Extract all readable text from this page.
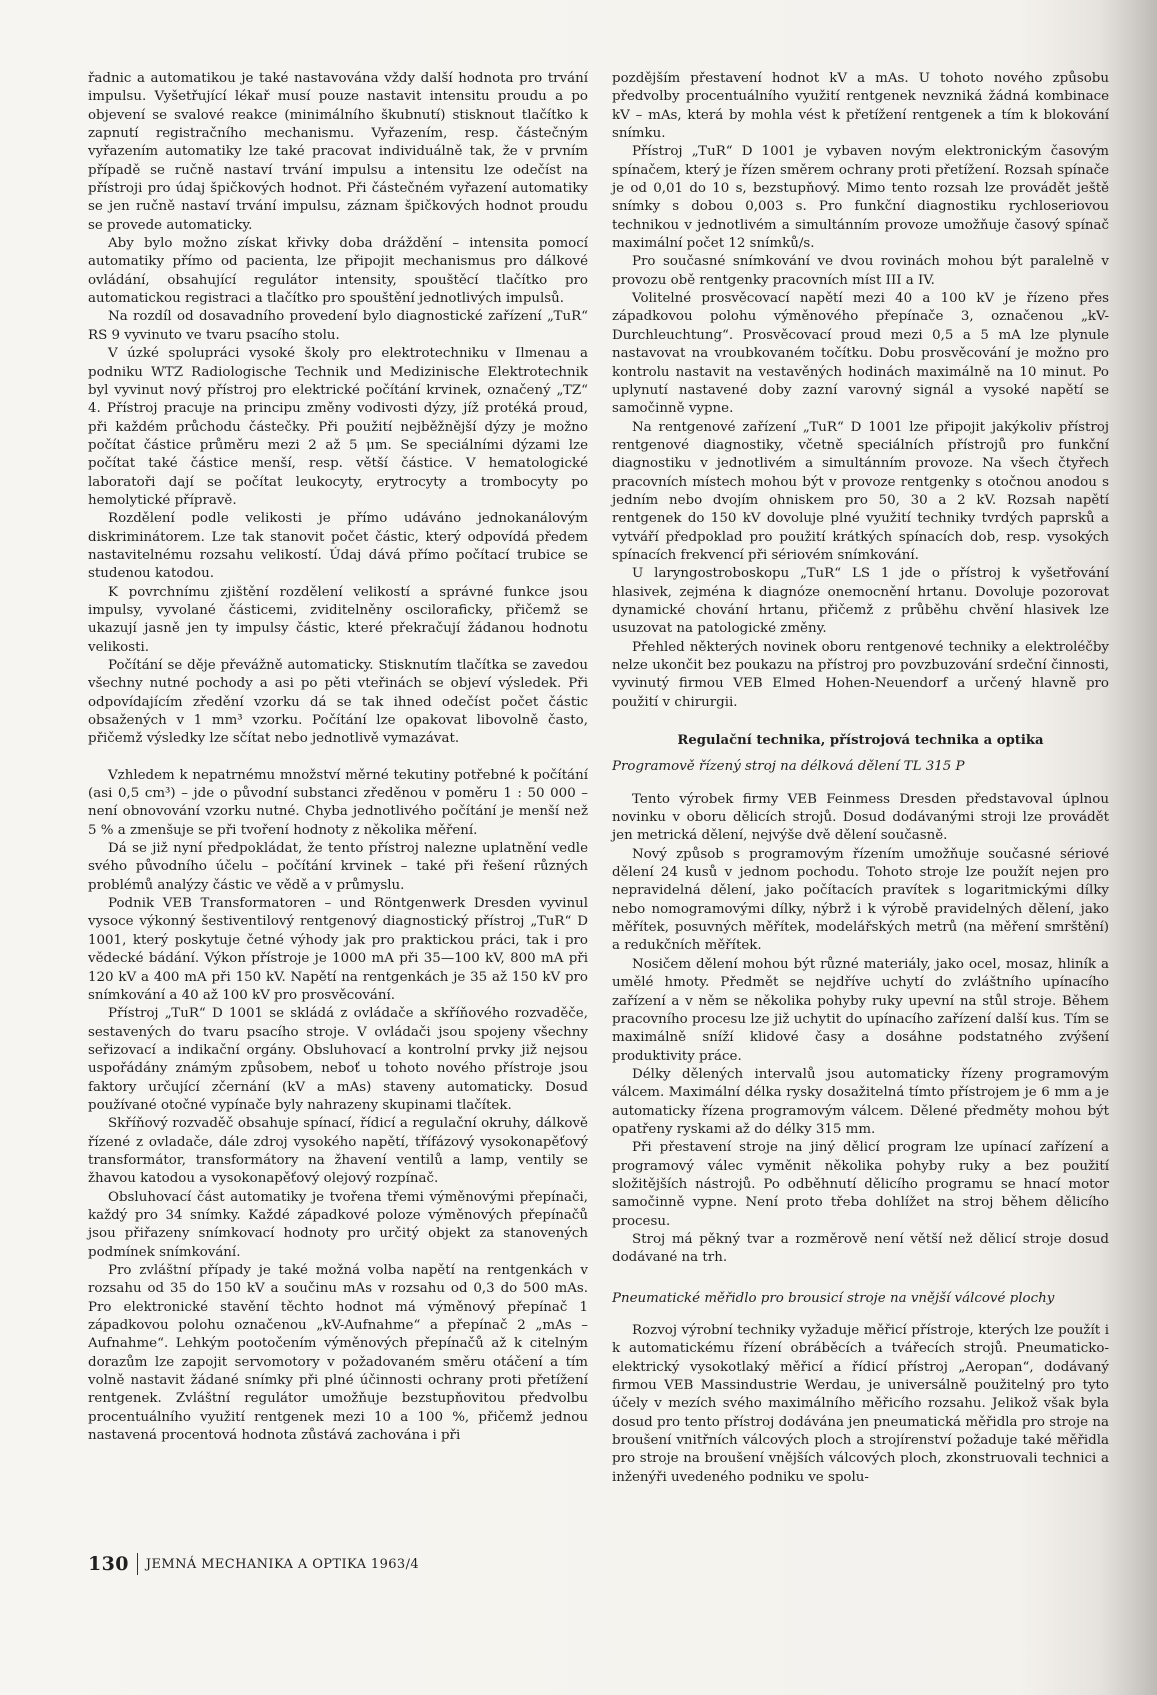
řadnic a automatikou je také nastavována vždy další hodnota pro trvání impulsu. Vyšetřující lékař musí pouze nastavit intensitu proudu a po objevení se svalové reakce (minimálního škubnutí) stisknout tlačítko k zapnutí registračního mechanismu. Vyřazením, resp. částečným vyřazením automatiky lze také pracovat individuálně tak, že v prvním případě se ručně nastaví trvání impulsu a intensitu lze odečíst na přístroji pro údaj špičkových hodnot. Při částečném vyřazení automatiky se jen ručně nastaví trvání impulsu, záznam špičkových hodnot proudu se provede automaticky.

Aby bylo možno získat křivky doba dráždění – intensita pomocí automatiky přímo od pacienta, lze připojit mechanismus pro dálkové ovládání, obsahující regulátor intensity, spouštěcí tlačítko pro automatickou registraci a tlačítko pro spouštění jednotlivých impulsů.

Na rozdíl od dosavadního provedení bylo diagnostické zařízení „TuR“ RS 9 vyvinuto ve tvaru psacího stolu.

V úzké spolupráci vysoké školy pro elektrotechniku v Ilmenau a podniku WTZ Radiologische Technik und Medizinische Elektrotechnik byl vyvinut nový přístroj pro elektrické počítání krvinek, označený „TZ“ 4. Přístroj pracuje na principu změny vodivosti dýzy, jíž protéká proud, při každém průchodu částečky. Při použití nejběžnější dýzy je možno počítat částice průměru mezi 2 až 5 μm. Se speciálními dýzami lze počítat také částice menší, resp. větší částice. V hematologické laboratoři dají se počítat leukocyty, erytrocyty a trombocyty po hemolytické přípravě.

Rozdělení podle velikosti je přímo udáváno jednokanálovým diskriminátorem. Lze tak stanovit počet částic, který odpovídá předem nastavitelnému rozsahu velikostí. Údaj dává přímo počítací trubice se studenou katodou.

K povrchnímu zjištění rozdělení velikostí a správné funkce jsou impulsy, vyvolané částicemi, zviditelněny osciloraficky, přičemž se ukazují jasně jen ty impulsy částic, které překračují žádanou hodnotu velikosti.

Počítání se děje převážně automaticky. Stisknutím tlačítka se zavedou všechny nutné pochody a asi po pěti vteřinách se objeví výsledek. Při odpovídajícím zředění vzorku dá se tak ihned odečíst počet částic obsažených v 1 mm³ vzorku. Počítání lze opakovat libovolně často, přičemž výsledky lze sčítat nebo jednotlivě vymazávat.

Vzhledem k nepatrnému množství měrné tekutiny potřebné k počítání (asi 0,5 cm³) – jde o původní substanci zředěnou v poměru 1 : 50 000 – není obnovování vzorku nutné. Chyba jednotlivého počítání je menší než 5 % a zmenšuje se při tvoření hodnoty z několika měření.

Dá se již nyní předpokládat, že tento přístroj nalezne uplatnění vedle svého původního účelu – počítání krvinek – také při řešení různých problémů analýzy částic ve vědě a v průmyslu.

Podnik VEB Transformatoren – und Röntgenwerk Dresden vyvinul vysoce výkonný šestiventilový rentgenový diagnostický přístroj „TuR“ D 1001, který poskytuje četné výhody jak pro praktickou práci, tak i pro vědecké bádání. Výkon přístroje je 1000 mA při 35—100 kV, 800 mA při 120 kV a 400 mA při 150 kV. Napětí na rentgenkách je 35 až 150 kV pro snímkování a 40 až 100 kV pro prosvěcování.

Přístroj „TuR“ D 1001 se skládá z ovládače a skříňového rozvaděče, sestavených do tvaru psacího stroje. V ovládači jsou spojeny všechny seřizovací a indikační orgány. Obsluhovací a kontrolní prvky již nejsou uspořádány známým způsobem, neboť u tohoto nového přístroje jsou faktory určující zčernání (kV a mAs) staveny automaticky. Dosud používané otočné vypínače byly nahrazeny skupinami tlačítek.

Skříňový rozvaděč obsahuje spínací, řídicí a regulační okruhy, dálkově řízené z ovladače, dále zdroj vysokého napětí, třífázový vysokonapěťový transformátor, transformátory na žhavení ventilů a lamp, ventily se žhavou katodou a vysokonapěťový olejový rozpínač.

Obsluhovací část automatiky je tvořena třemi výměnovými přepínači, každý pro 34 snímky. Každé západkové poloze výměnových přepínačů jsou přiřazeny snímkovací hodnoty pro určitý objekt za stanovených podmínek snímkování.

Pro zvláštní případy je také možná volba napětí na rentgenkách v rozsahu od 35 do 150 kV a součinu mAs v rozsahu od 0,3 do 500 mAs. Pro elektronické stavění těchto hodnot má výměnový přepínač 1 západkovou polohu označenou „kV-Aufnahme“ a přepínač 2 „mAs – Aufnahme“. Lehkým pootočením výměnových přepínačů až k citelným dorazům lze zapojit servomotory v požadovaném směru otáčení a tím volně nastavit žádané snímky při plné účinnosti ochrany proti přetížení rentgenek. Zvláštní regulátor umožňuje bezstupňovitou předvolbu procentuálního využití rentgenek mezi 10 a 100 %, přičemž jednou nastavená procentová hodnota zůstává zachována i při

pozdějším přestavení hodnot kV a mAs. U tohoto nového způsobu předvolby procentuálního využití rentgenek nevzniká žádná kombinace kV – mAs, která by mohla vést k přetížení rentgenek a tím k blokování snímku.

Přístroj „TuR“ D 1001 je vybaven novým elektronickým časovým spínačem, který je řízen směrem ochrany proti přetížení. Rozsah spínače je od 0,01 do 10 s, bezstupňový. Mimo tento rozsah lze provádět ještě snímky s dobou 0,003 s. Pro funkční diagnostiku rychloseriovou technikou v jednotlivém a simultánním provoze umožňuje časový spínač maximální počet 12 snímků/s.

Pro současné snímkování ve dvou rovinách mohou být paralelně v provozu obě rentgenky pracovních míst III a IV.

Volitelné prosvěcovací napětí mezi 40 a 100 kV je řízeno přes západkovou polohu výměnového přepínače 3, označenou „kV-Durchleuchtung“. Prosvěcovací proud mezi 0,5 a 5 mA lze plynule nastavovat na vroubkovaném točítku. Dobu prosvěcování je možno pro kontrolu nastavit na vestavěných hodinách maximálně na 10 minut. Po uplynutí nastavené doby zazní varovný signál a vysoké napětí se samočinně vypne.

Na rentgenové zařízení „TuR“ D 1001 lze připojit jakýkoliv přístroj rentgenové diagnostiky, včetně speciálních přístrojů pro funkční diagnostiku v jednotlivém a simultánním provoze. Na všech čtyřech pracovních místech mohou být v provoze rentgenky s otočnou anodou s jedním nebo dvojím ohniskem pro 50, 30 a 2 kV. Rozsah napětí rentgenek do 150 kV dovoluje plné využití techniky tvrdých paprsků a vytváří předpoklad pro použití krátkých spínacích dob, resp. vysokých spínacích frekvencí při sériovém snímkování.

U laryngostroboskopu „TuR“ LS 1 jde o přístroj k vyšetřování hlasivek, zejména k diagnóze onemocnění hrtanu. Dovoluje pozorovat dynamické chování hrtanu, přičemž z průběhu chvění hlasivek lze usuzovat na patologické změny.

Přehled některých novinek oboru rentgenové techniky a elektroléčby nelze ukončit bez poukazu na přístroj pro povzbuzování srdeční činnosti, vyvinutý firmou VEB Elmed Hohen-Neuendorf a určený hlavně pro použití v chirurgii.

Regulační technika, přístrojová technika a optika
Programově řízený stroj na délková dělení TL 315 P

Tento výrobek firmy VEB Feinmess Dresden představoval úplnou novinku v oboru dělicích strojů. Dosud dodávanými stroji lze provádět jen metrická dělení, nejvýše dvě dělení současně.

Nový způsob s programovým řízením umožňuje současné sériové dělení 24 kusů v jednom pochodu. Tohoto stroje lze použít nejen pro nepravidelná dělení, jako počítacích pravítek s logaritmickými dílky nebo nomogramovými dílky, nýbrž i k výrobě pravidelných dělení, jako měřítek, posuvných měřítek, modelářských metrů (na měření smrštění) a redukčních měřítek.

Nosičem dělení mohou být různé materiály, jako ocel, mosaz, hliník a umělé hmoty. Předmět se nejdříve uchytí do zvláštního upínacího zařízení a v něm se několika pohyby ruky upevní na stůl stroje. Během pracovního procesu lze již uchytit do upínacího zařízení další kus. Tím se maximálně sníží klidové časy a dosáhne podstatného zvýšení produktivity práce.

Délky dělených intervalů jsou automaticky řízeny programovým válcem. Maximální délka rysky dosažitelná tímto přístrojem je 6 mm a je automaticky řízena programovým válcem. Dělené předměty mohou být opatřeny ryskami až do délky 315 mm.

Při přestavení stroje na jiný dělicí program lze upínací zařízení a programový válec vyměnit několika pohyby ruky a bez použití složitějších nástrojů. Po odběhnutí dělicího programu se hnací motor samočinně vypne. Není proto třeba dohlížet na stroj během dělicího procesu.

Stroj má pěkný tvar a rozměrově není větší než dělicí stroje dosud dodávané na trh.

Pneumatické měřidlo pro brousicí stroje na vnější válcové plochy

Rozvoj výrobní techniky vyžaduje měřicí přístroje, kterých lze použít i k automatickému řízení obráběcích a tvářecích strojů. Pneumaticko-elektrický vysokotlaký měřicí a řídicí přístroj „Aeropan“, dodávaný firmou VEB Massindustrie Werdau, je universálně použitelný pro tyto účely v mezích svého maximálního měřicího rozsahu. Jelikož však byla dosud pro tento přístroj dodávána jen pneumatická měřidla pro stroje na broušení vnitřních válcových ploch a strojírenství požaduje také měřidla pro stroje na broušení vnějších válcových ploch, zkonstruovali technici a inženýři uvedeného podniku ve spolu-

130 JEMNÁ MECHANIKA A OPTIKA 1963/4
